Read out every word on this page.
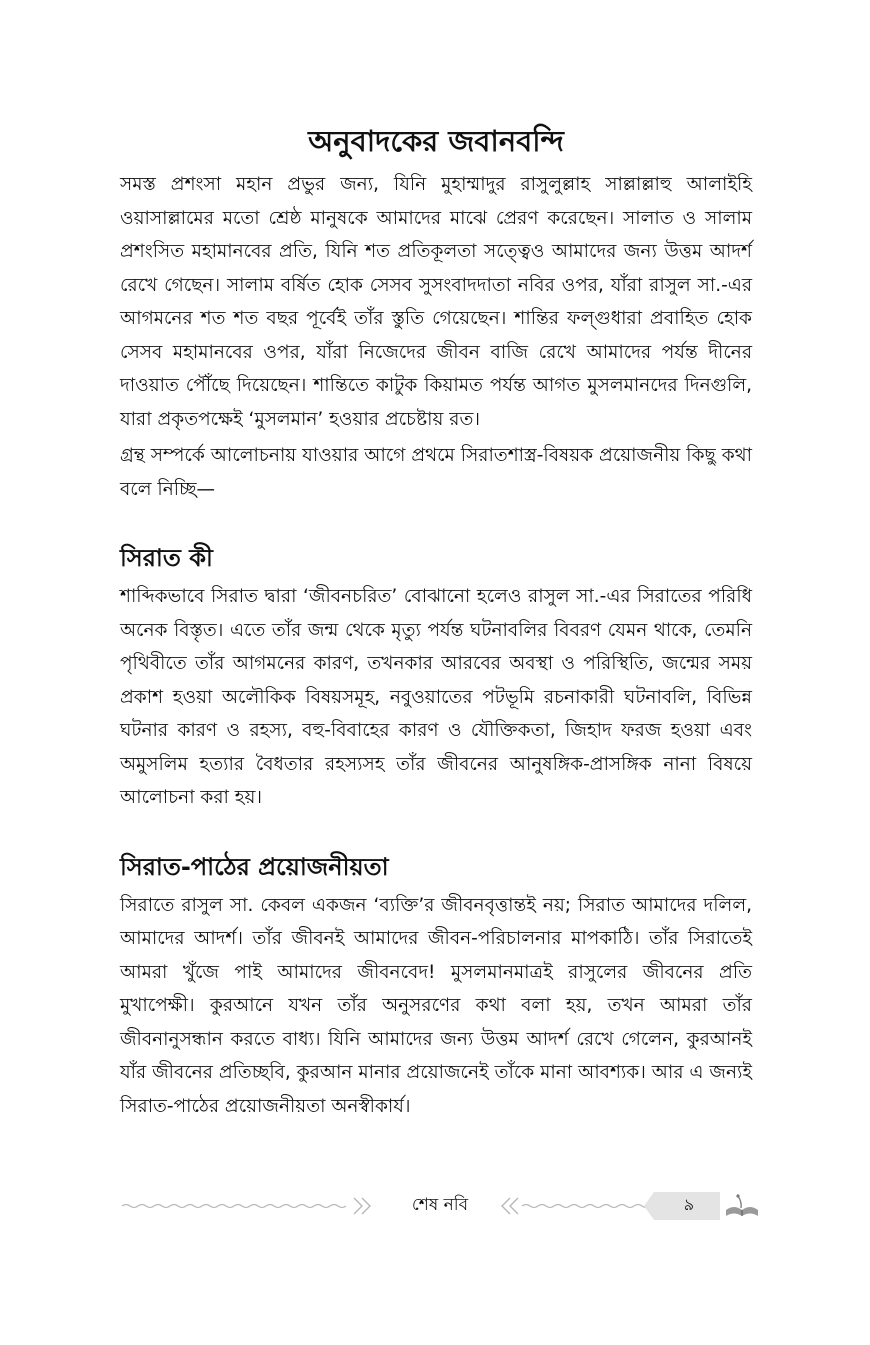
অনুবাদকের জবানবন্দি

সমস্ত প্রশংসা মহান প্রভুর জন্য, যিনি মুহাম্মাদুর রাসুলুল্লাহ সাল্লাল্লাহু আলাইহি ওয়াসাল্লামের মতো শ্রেষ্ঠ মানুষকে আমাদের মাঝে প্রেরণ করেছেন। সালাত ও সালাম প্রশংসিত মহামানবের প্রতি, যিনি শত প্রতিকূলতা সত্ত্বেও আমাদের জন্য উত্তম আদর্শ রেখে গেছেন। সালাম বর্ষিত হোক সেসব সুসংবাদদাতা নবির ওপর, যাঁরা রাসুল সা.-এর আগমনের শত শত বছর পূর্বেই তাঁর স্তুতি গেয়েছেন। শান্তির ফল্গুধারা প্রবাহিত হোক সেসব মহামানবের ওপর, যাঁরা নিজেদের জীবন বাজি রেখে আমাদের পর্যন্ত দীনের দাওয়াত পৌঁছে দিয়েছেন। শান্তিতে কাটুক কিয়ামত পর্যন্ত আগত মুসলমানদের দিনগুলি, যারা প্রকৃতপক্ষেই ‘মুসলমান’ হওয়ার প্রচেষ্টায় রত।

গ্রন্থ সম্পর্কে আলোচনায় যাওয়ার আগে প্রথমে সিরাতশাস্ত্র-বিষয়ক প্রয়োজনীয় কিছু কথা বলে নিচ্ছি—

সিরাত কী

শাব্দিকভাবে সিরাত দ্বারা ‘জীবনচরিত’ বোঝানো হলেও রাসুল সা.-এর সিরাতের পরিধি অনেক বিস্তৃত। এতে তাঁর জন্ম থেকে মৃত্যু পর্যন্ত ঘটনাবলির বিবরণ যেমন থাকে, তেমনি পৃথিবীতে তাঁর আগমনের কারণ, তখনকার আরবের অবস্থা ও পরিস্থিতি, জন্মের সময় প্রকাশ হওয়া অলৌকিক বিষয়সমূহ, নবুওয়াতের পটভূমি রচনাকারী ঘটনাবলি, বিভিন্ন ঘটনার কারণ ও রহস্য, বহু-বিবাহের কারণ ও যৌক্তিকতা, জিহাদ ফরজ হওয়া এবং অমুসলিম হত্যার বৈধতার রহস্যসহ তাঁর জীবনের আনুষঙ্গিক-প্রাসঙ্গিক নানা বিষয়ে আলোচনা করা হয়।

সিরাত-পাঠের প্রয়োজনীয়তা

সিরাতে রাসুল সা. কেবল একজন ‘ব্যক্তি’র জীবনবৃত্তান্তই নয়; সিরাত আমাদের দলিল, আমাদের আদর্শ। তাঁর জীবনই আমাদের জীবন-পরিচালনার মাপকাঠি। তাঁর সিরাতেই আমরা খুঁজে পাই আমাদের জীবনবেদ! মুসলমানমাত্রই রাসুলের জীবনের প্রতি মুখাপেক্ষী। কুরআনে যখন তাঁর অনুসরণের কথা বলা হয়, তখন আমরা তাঁর জীবনানুসন্ধান করতে বাধ্য। যিনি আমাদের জন্য উত্তম আদর্শ রেখে গেলেন, কুরআনই যাঁর জীবনের প্রতিচ্ছবি, কুরআন মানার প্রয়োজনেই তাঁকে মানা আবশ্যক। আর এ জন্যই সিরাত-পাঠের প্রয়োজনীয়তা অনস্বীকার্য।

শেষ নবি	৯
